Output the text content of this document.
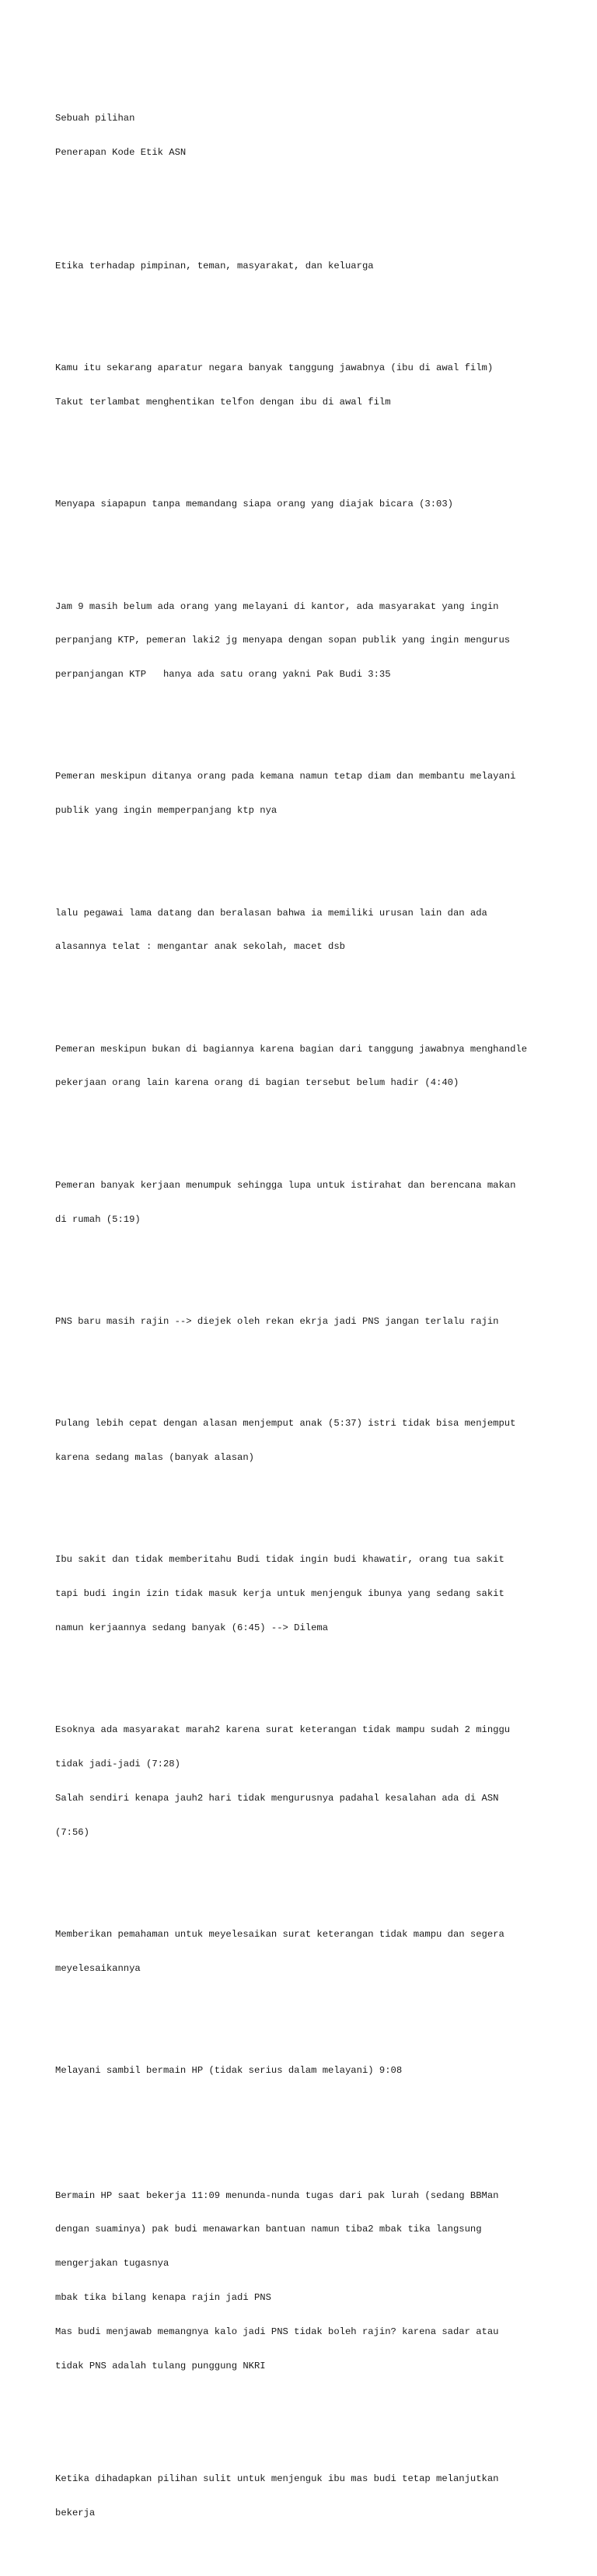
Sebuah pilihan

Penerapan Kode Etik ASN

Etika terhadap pimpinan, teman, masyarakat, dan keluarga

Kamu itu sekarang aparatur negara banyak tanggung jawabnya (ibu di awal film)

Takut terlambat menghentikan telfon dengan ibu di awal film

Menyapa siapapun tanpa memandang siapa orang yang diajak bicara (3:03)

Jam 9 masih belum ada orang yang melayani di kantor, ada masyarakat yang ingin

perpanjang KTP, pemeran laki2 jg menyapa dengan sopan publik yang ingin mengurus

perpanjangan KTP   hanya ada satu orang yakni Pak Budi 3:35

Pemeran meskipun ditanya orang pada kemana namun tetap diam dan membantu melayani

publik yang ingin memperpanjang ktp nya

lalu pegawai lama datang dan beralasan bahwa ia memiliki urusan lain dan ada

alasannya telat : mengantar anak sekolah, macet dsb

Pemeran meskipun bukan di bagiannya karena bagian dari tanggung jawabnya menghandle

pekerjaan orang lain karena orang di bagian tersebut belum hadir (4:40)

Pemeran banyak kerjaan menumpuk sehingga lupa untuk istirahat dan berencana makan

di rumah (5:19)

PNS baru masih rajin --> diejek oleh rekan ekrja jadi PNS jangan terlalu rajin

Pulang lebih cepat dengan alasan menjemput anak (5:37) istri tidak bisa menjemput

karena sedang malas (banyak alasan)

Ibu sakit dan tidak memberitahu Budi tidak ingin budi khawatir, orang tua sakit

tapi budi ingin izin tidak masuk kerja untuk menjenguk ibunya yang sedang sakit

namun kerjaannya sedang banyak (6:45) --> Dilema

Esoknya ada masyarakat marah2 karena surat keterangan tidak mampu sudah 2 minggu

tidak jadi-jadi (7:28)

Salah sendiri kenapa jauh2 hari tidak mengurusnya padahal kesalahan ada di ASN

(7:56)

Memberikan pemahaman untuk meyelesaikan surat keterangan tidak mampu dan segera

meyelesaikannya

Melayani sambil bermain HP (tidak serius dalam melayani) 9:08

Bermain HP saat bekerja 11:09 menunda-nunda tugas dari pak lurah (sedang BBMan

dengan suaminya) pak budi menawarkan bantuan namun tiba2 mbak tika langsung

mengerjakan tugasnya

mbak tika bilang kenapa rajin jadi PNS

Mas budi menjawab memangnya kalo jadi PNS tidak boleh rajin? karena sadar atau

tidak PNS adalah tulang punggung NKRI

Ketika dihadapkan pilihan sulit untuk menjenguk ibu mas budi tetap melanjutkan

bekerja
